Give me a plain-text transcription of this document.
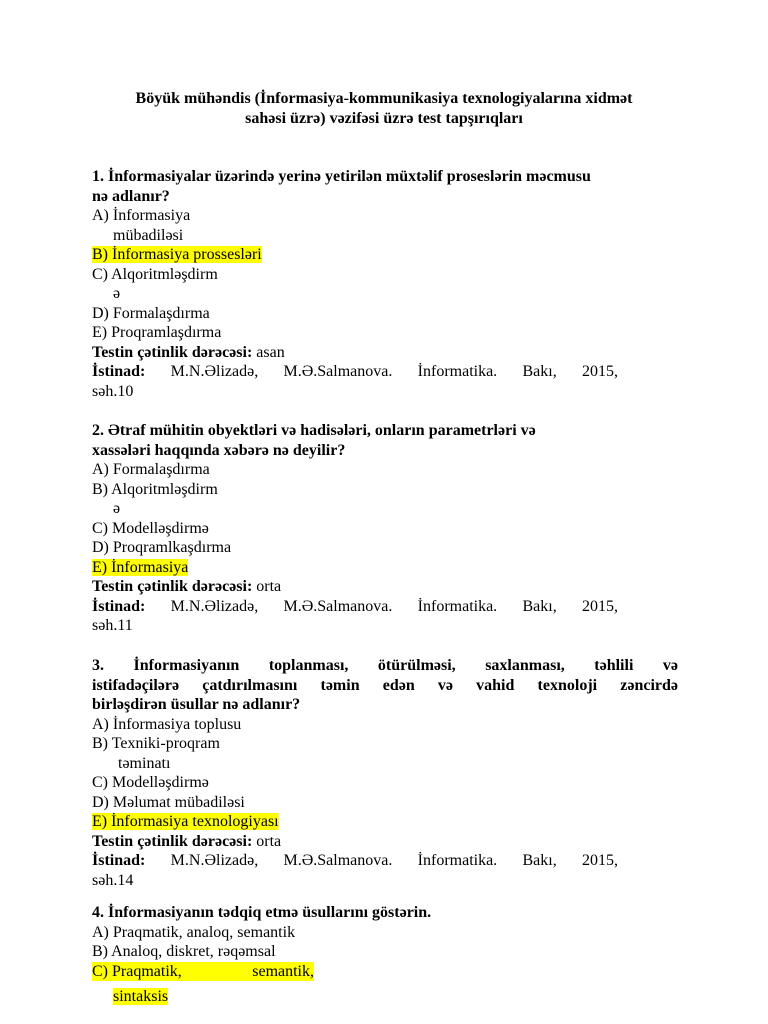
Böyük mühəndis (İnformasiya-kommunikasiya texnologiyalarına xidmət
sahəsi üzrə) vəzifəsi üzrə test tapşırıqları
1. İnformasiyalar üzərində yerinə yetirilən müxtəlif proseslərin məcmusu
nə adlanır?
A) İnformasiya
mübadiləsi
B) İnformasiya prossesləri
C) Alqoritmləşdirm
ə
D) Formalaşdırma
E) Proqramlaşdırma
Testin çətinlik dərəcəsi: asan
İstinad: M.N.Əlizadə, M.Ə.Salmanova. İnformatika. Bakı, 2015,
səh.10
2. Ətraf mühitin obyektləri və hadisələri, onların parametrləri və
xassələri haqqında xəbərə nə deyilir?
A) Formalaşdırma
B) Alqoritmləşdirm
ə
C) Modelləşdirmə
D) Proqramlkaşdırma
E) İnformasiya
Testin çətinlik dərəcəsi: orta
İstinad: M.N.Əlizadə, M.Ə.Salmanova. İnformatika. Bakı, 2015,
səh.11
3. İnformasiyanın toplanması, ötürülməsi, saxlanması, təhlili və
istifadəçilərə çatdırılmasını təmin edən və vahid texnoloji zəncirdə
birləşdirən üsullar nə adlanır?
A) İnformasiya toplusu
B) Texniki-proqram
təminatı
C) Modelləşdirmə
D) Məlumat mübadiləsi
E) İnformasiya texnologiyası
Testin çətinlik dərəcəsi: orta
İstinad: M.N.Əlizadə, M.Ə.Salmanova. İnformatika. Bakı, 2015,
səh.14
4. İnformasiyanın tədqiq etmə üsullarını göstərin.
A) Praqmatik, analoq, semantik
B) Analoq, diskret, rəqəmsal
C) Praqmatik,	semantik,
sintaksis
